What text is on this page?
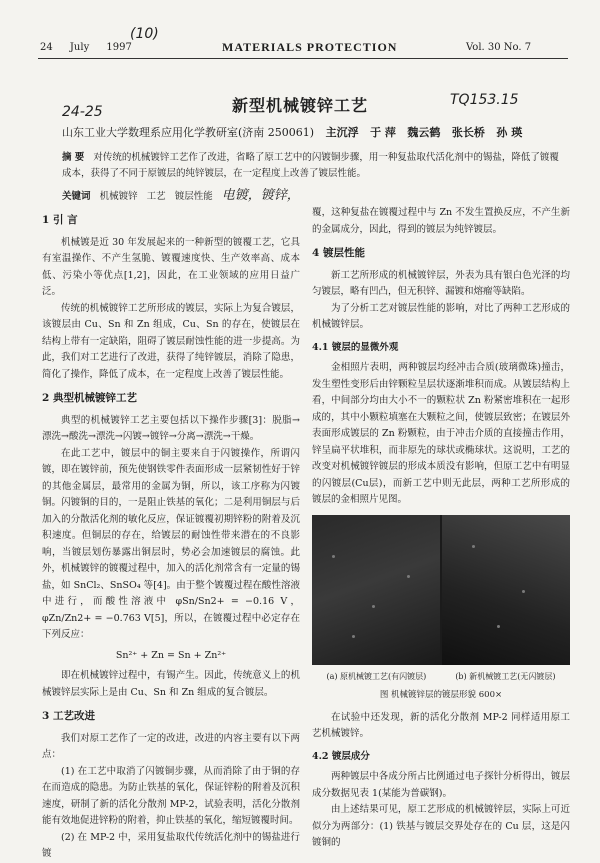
24 July 1997
(10)
MATERIALS PROTECTION	Vol. 30 No. 7
24-25
TQ153.15
新型机械镀锌工艺
山东工业大学数理系应用化学教研室(济南 250061) 主沉浮 于 萍 魏云鹤 张长桥 孙 瑛
摘 要 对传统的机械镀锌工艺作了改进，省略了原工艺中的闪镀铜步骤，用一种复盐取代活化剂中的锡盐，降低了镀覆成本，获得了不同于原镀层的纯锌镀层，在一定程度上改善了镀层性能。
关键词 机械镀锌 工艺 镀层性能 电镀，镀锌，
1 引 言

机械镀是近 30 年发展起来的一种新型的镀覆工艺，它具有室温操作、不产生氢脆、镀覆速度快、生产效率高、成本低、污染小等优点[1,2]，因此，在工业领域的应用日益广泛。

传统的机械镀锌工艺所形成的镀层，实际上为复合镀层，该镀层由 Cu、Sn 和 Zn 组成，Cu、Sn 的存在，使镀层在结构上带有一定缺陷，阻碍了镀层耐蚀性能的进一步提高。为此，我们对工艺进行了改进，获得了纯锌镀层，消除了隐患，简化了操作，降低了成本，在一定程度上改善了镀层性能。

2 典型机械镀锌工艺

典型的机械镀锌工艺主要包括以下操作步骤[3]：脱脂→漂洗→酸洗→漂洗→闪镀→镀锌→分离→漂洗→干燥。

在此工艺中，镀层中的铜主要来自于闪镀操作，所谓闪镀，即在镀锌前，预先使钢铁零件表面形成一层紧韧性好于锌的其他金属层，最常用的金属为铜，所以，该工序称为闪镀铜。闪镀铜的目的，一是阻止铁基的氧化；二是利用铜层与后加入的分散活化剂的敏化反应，保证镀覆初期锌粉的附着及沉积速度。但铜层的存在，给镀层的耐蚀性带来潜在的不良影响，当镀层划伤暴露出铜层时，势必会加速镀层的腐蚀。此外，机械镀锌的镀覆过程中，加入的活化剂常含有一定量的锡盐，如 SnCl₂、SnSO₄ 等[4]。由于整个镀覆过程在酸性溶液中进行，而酸性溶液中 φSn/Sn2+ = −0.16 V，φZn/Zn2+ = −0.763 V[5]，所以，在镀覆过程中必定存在下列反应：

Sn²⁺ + Zn = Sn + Zn²⁺

即在机械镀锌过程中，有锡产生。因此，传统意义上的机械镀锌层实际上是由 Cu、Sn 和 Zn 组成的复合镀层。

3 工艺改进

我们对原工艺作了一定的改进，改进的内容主要有以下两点：

(1) 在工艺中取消了闪镀铜步骤，从而消除了由于铜的存在而造成的隐患。为防止铁基的氧化，保证锌粉的附着及沉积速度，研制了新的活化分散剂 MP-2，试验表明，活化分散剂能有效地促进锌粉的附着，抑止铁基的氧化，缩短镀覆时间。

(2) 在 MP-2 中，采用复盐取代传统活化剂中的锡盐进行镀

覆，这种复盐在镀覆过程中与 Zn 不发生置换反应，不产生新的金属成分，因此，得到的镀层为纯锌镀层。

4 镀层性能

新工艺所形成的机械镀锌层，外表为具有银白色光泽的均匀镀层，略有凹凸，但无积锌、漏镀和熔瘤等缺陷。

为了分析工艺对镀层性能的影响，对比了两种工艺形成的机械镀锌层。

4.1 镀层的显微外观

金相照片表明，两种镀层均经冲击合质(玻璃微珠)撞击，发生塑性变形后由锌颗粒呈层状逐渐堆积而成。从镀层结构上看，中间部分均由大小不一的颗粒状 Zn 粉紧密堆积在一起形成的，其中小颗粒填塞在大颗粒之间，使镀层致密；在镀层外表面形成镀层的 Zn 粉颗粒，由于冲击介质的直接撞击作用，锌呈扁平状堆积，而非原先的球状或椭球状。这说明，工艺的改变对机械镀锌镀层的形成本质没有影响，但原工艺中有明显的闪镀层(Cu层)，而新工艺中则无此层，两种工艺所形成的镀层的金相照片见图。

(a) 原机械镀工艺(有闪镀层)	(b) 新机械镀工艺(无闪镀层)
图 机械镀锌层的镀层形貌 600×

在试验中还发现，新的活化分散剂 MP-2 同样适用原工艺机械镀锌。

4.2 镀层成分

两种镀层中各成分所占比例通过电子探针分析得出，镀层成分数据见表 1(某能为普碳钢)。

由上述结果可见，原工艺形成的机械镀锌层，实际上可近似分为两部分：(1) 铁基与镀层交界处存在的 Cu 层，这是闪镀铜的
